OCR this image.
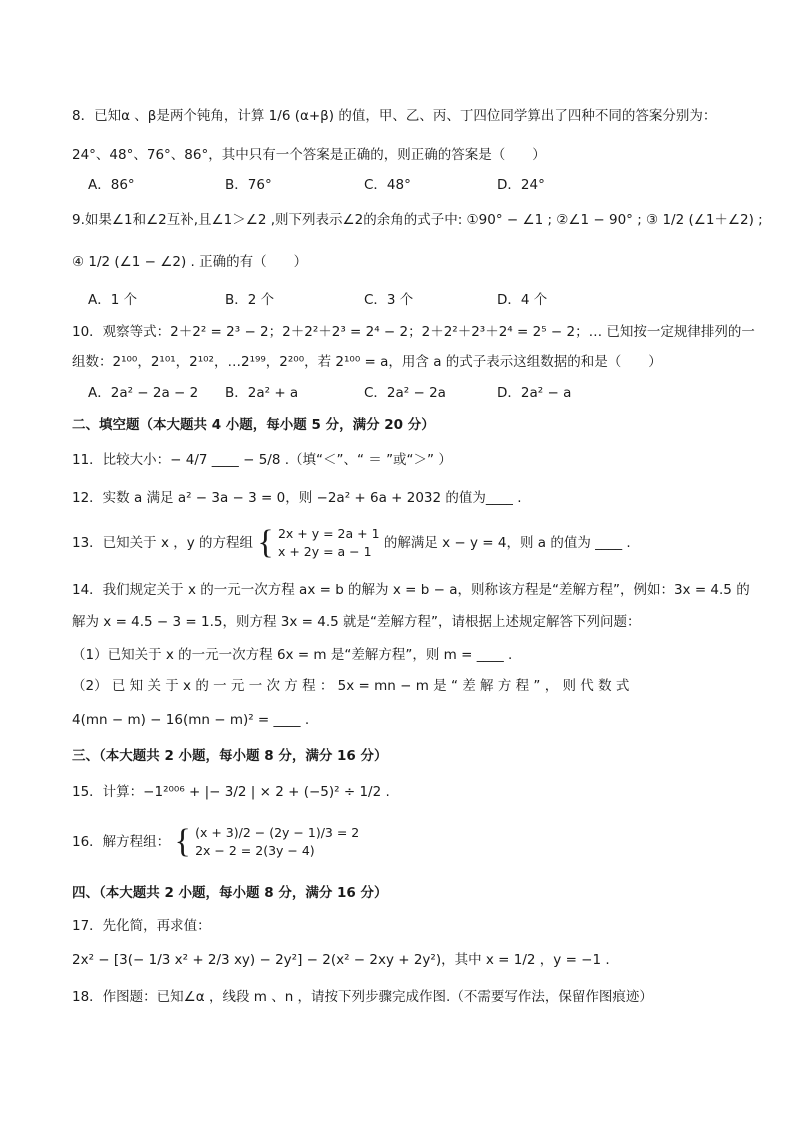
8．已知α 、β是两个钝角，计算 1/6 (α+β) 的值，甲、乙、丙、丁四位同学算出了四种不同的答案分别为：
24°、48°、76°、86°，其中只有一个答案是正确的，则正确的答案是（　　）
A．86°	B．76°	C．48°	D．24°
9.如果∠1和∠2互补,且∠1＞∠2 ,则下列表示∠2的余角的式子中: ①90° − ∠1 ; ②∠1 − 90° ; ③ 1/2 (∠1＋∠2) ;
④ 1/2 (∠1 − ∠2) . 正确的有（　　）
A．1 个	B．2 个	C．3 个	D．4 个
10．观察等式：2＋2² = 2³ − 2；2＋2²＋2³ = 2⁴ − 2；2＋2²＋2³＋2⁴ = 2⁵ − 2；… 已知按一定规律排列的一
组数：2¹⁰⁰，2¹⁰¹，2¹⁰²，…2¹⁹⁹，2²⁰⁰，若 2¹⁰⁰ = a，用含 a 的式子表示这组数据的和是（　　）
A．2a² − 2a − 2 B．2a² + a	C．2a² − 2a	D．2a² − a
二、填空题（本大题共 4 小题，每小题 5 分，满分 20 分）
11．比较大小：− 4/7 ____ − 5/8 .（填“＜”、“ ＝ ”或“＞” ）
12．实数 a 满足 a² − 3a − 3 = 0，则 −2a² + 6a + 2032 的值为____ .
13．已知关于 x ，y 的方程组 { 2x + y = 2a + 1
x + 2y = a − 1
的解满足 x − y = 4，则 a 的值为 ____ .
14．我们规定关于 x 的一元一次方程 ax = b 的解为 x = b − a，则称该方程是“差解方程”，例如：3x = 4.5 的
解为 x = 4.5 − 3 = 1.5，则方程 3x = 4.5 就是“差解方程”，请根据上述规定解答下列问题：
（1）已知关于 x 的一元一次方程 6x = m 是“差解方程”，则 m = ____ .
（2） 已 知 关 于 x 的 一 元 一 次 方 程 ： 5x = mn − m 是 “ 差 解 方 程 ” ， 则 代 数 式
4(mn − m) − 16(mn − m)² = ____ .
三、（本大题共 2 小题，每小题 8 分，满分 16 分）
15．计算：−1²⁰⁰⁶ + |− 3/2 | × 2 + (−5)² ÷ 1/2 .
16．解方程组： { (x + 3)/2 − (2y − 1)/3 = 2
2x − 2 = 2(3y − 4)
四、（本大题共 2 小题，每小题 8 分，满分 16 分）
17．先化简，再求值：
2x² − [3(− 1/3 x² + 2/3 xy) − 2y²] − 2(x² − 2xy + 2y²)，其中 x = 1/2 ，y = −1 .
18．作图题：已知∠α ，线段 m 、n ，请按下列步骤完成作图.（不需要写作法，保留作图痕迹）
